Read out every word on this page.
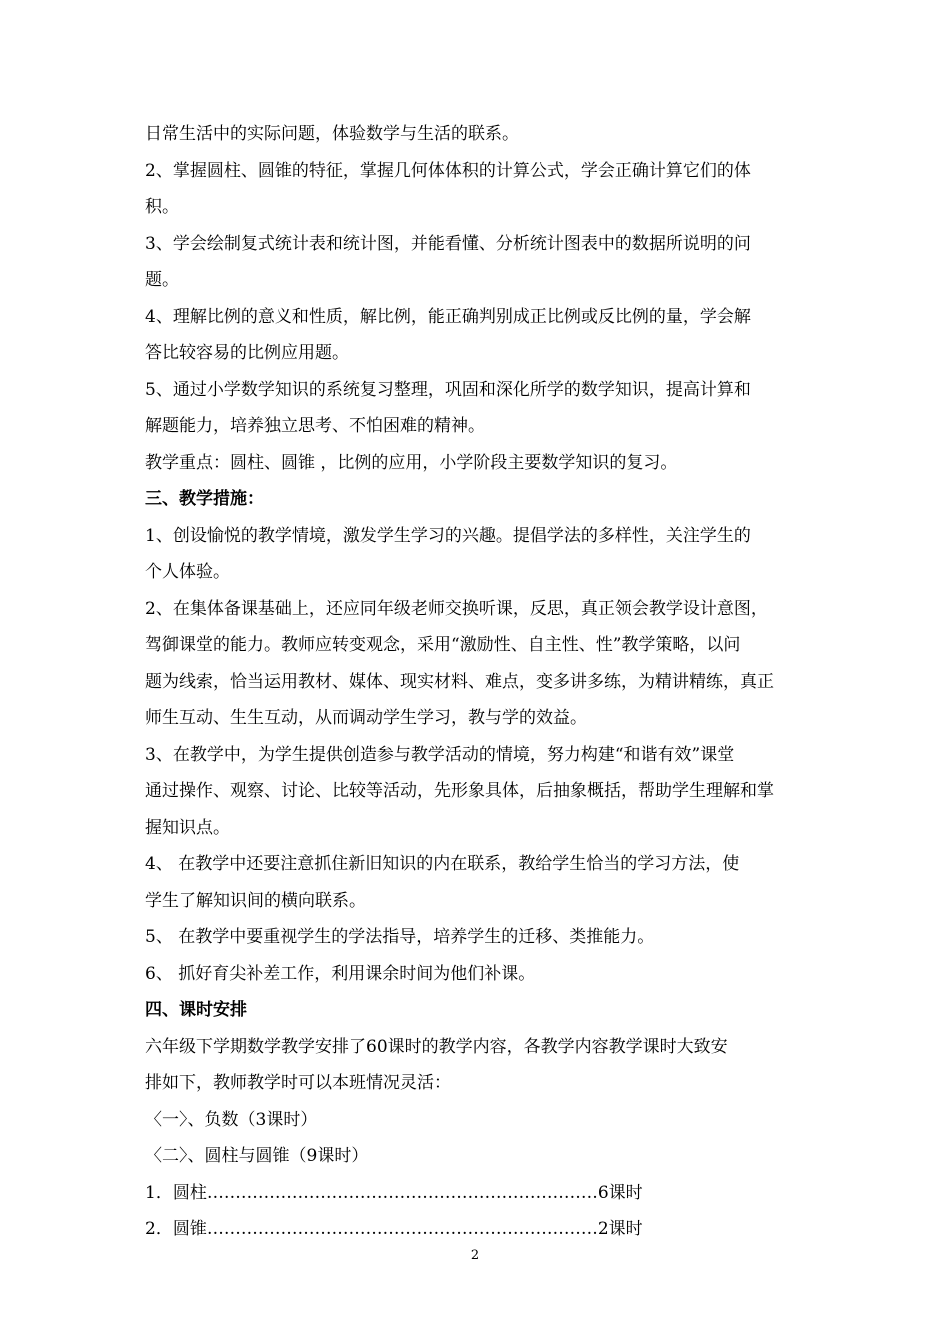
日常生活中的实际问题，体验数学与生活的联系。
2、掌握圆柱、圆锥的特征，掌握几何体体积的计算公式，学会正确计算它们的体
积。
3、学会绘制复式统计表和统计图，并能看懂、分析统计图表中的数据所说明的问
题。
4、理解比例的意义和性质，解比例，能正确判别成正比例或反比例的量，学会解
答比较容易的比例应用题。
5、通过小学数学知识的系统复习整理，巩固和深化所学的数学知识，提高计算和
解题能力，培养独立思考、不怕困难的精神。
教学重点：圆柱、圆锥 ，比例的应用，小学阶段主要数学知识的复习。
三、教学措施：
1、创设愉悦的教学情境，激发学生学习的兴趣。提倡学法的多样性，关注学生的
个人体验。
2、在集体备课基础上，还应同年级老师交换听课，反思，真正领会教学设计意图，
驾御课堂的能力。教师应转变观念，采用“激励性、自主性、性”教学策略，以问
题为线索，恰当运用教材、媒体、现实材料、难点，变多讲多练，为精讲精练，真正
师生互动、生生互动，从而调动学生学习，教与学的效益。
3、在教学中，为学生提供创造参与教学活动的情境，努力构建“和谐有效”课堂
通过操作、观察、讨论、比较等活动，先形象具体，后抽象概括，帮助学生理解和掌
握知识点。
4、 在教学中还要注意抓住新旧知识的内在联系，教给学生恰当的学习方法，使
学生了解知识间的横向联系。
5、 在教学中要重视学生的学法指导，培养学生的迁移、类推能力。
6、 抓好育尖补差工作，利用课余时间为他们补课。
四、课时安排
六年级下学期数学教学安排了60课时的教学内容，各教学内容教学课时大致安
排如下，教师教学时可以本班情况灵活：
〈一〉、负数（3课时）
〈二〉、圆柱与圆锥（9课时）
1．圆柱……………………………………………………………6课时
2．圆锥……………………………………………………………2课时
2
